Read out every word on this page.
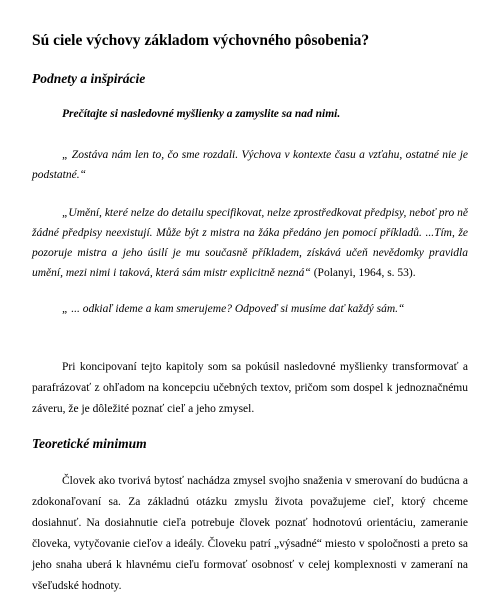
Sú ciele výchovy základom výchovného pôsobenia?
Podnety a inšpirácie
Prečítajte si nasledovné myšlienky a zamyslite sa nad nimi.
„ Zostáva nám len to, čo sme rozdali. Výchova v kontexte času a vzťahu, ostatné nie je podstatné.“
„Umění, které nelze do detailu specifikovat, nelze zprostředkovat předpisy, neboť pro ně žádné předpisy neexistují. Může být z mistra na žáka předáno jen pomocí příkladů. ...Tím, že pozoruje mistra a jeho úsilí je mu současně příkladem, získává učeň nevědomky pravidla umění, mezi nimi i taková, která sám mistr explicitně nezná“ (Polanyi, 1964, s. 53).
„ ... odkiaľ ideme a kam smerujeme? Odpoveď si musíme dať každý sám.“
Pri koncipovaní tejto kapitoly som sa pokúsil nasledovné myšlienky transformovať a parafrázovať z ohľadom na koncepciu učebných textov, pričom som dospel k jednoznačnému záveru, že je dôležité poznať cieľ a jeho zmysel.
Teoretické minimum
Človek ako tvorivá bytosť nachádza zmysel svojho snaženia v smerovaní do budúcna a zdokonaľovaní sa. Za základnú otázku zmyslu života považujeme cieľ, ktorý chceme dosiahnuť. Na dosiahnutie cieľa potrebuje človek poznať hodnotovú orientáciu, zameranie človeka, vytyčovanie cieľov a ideály. Človeku patrí „výsadné“ miesto v spoločnosti a preto sa jeho snaha uberá k hlavnému cieľu formovať osobnosť v celej komplexnosti v zameraní na všeľudské hodnoty.
